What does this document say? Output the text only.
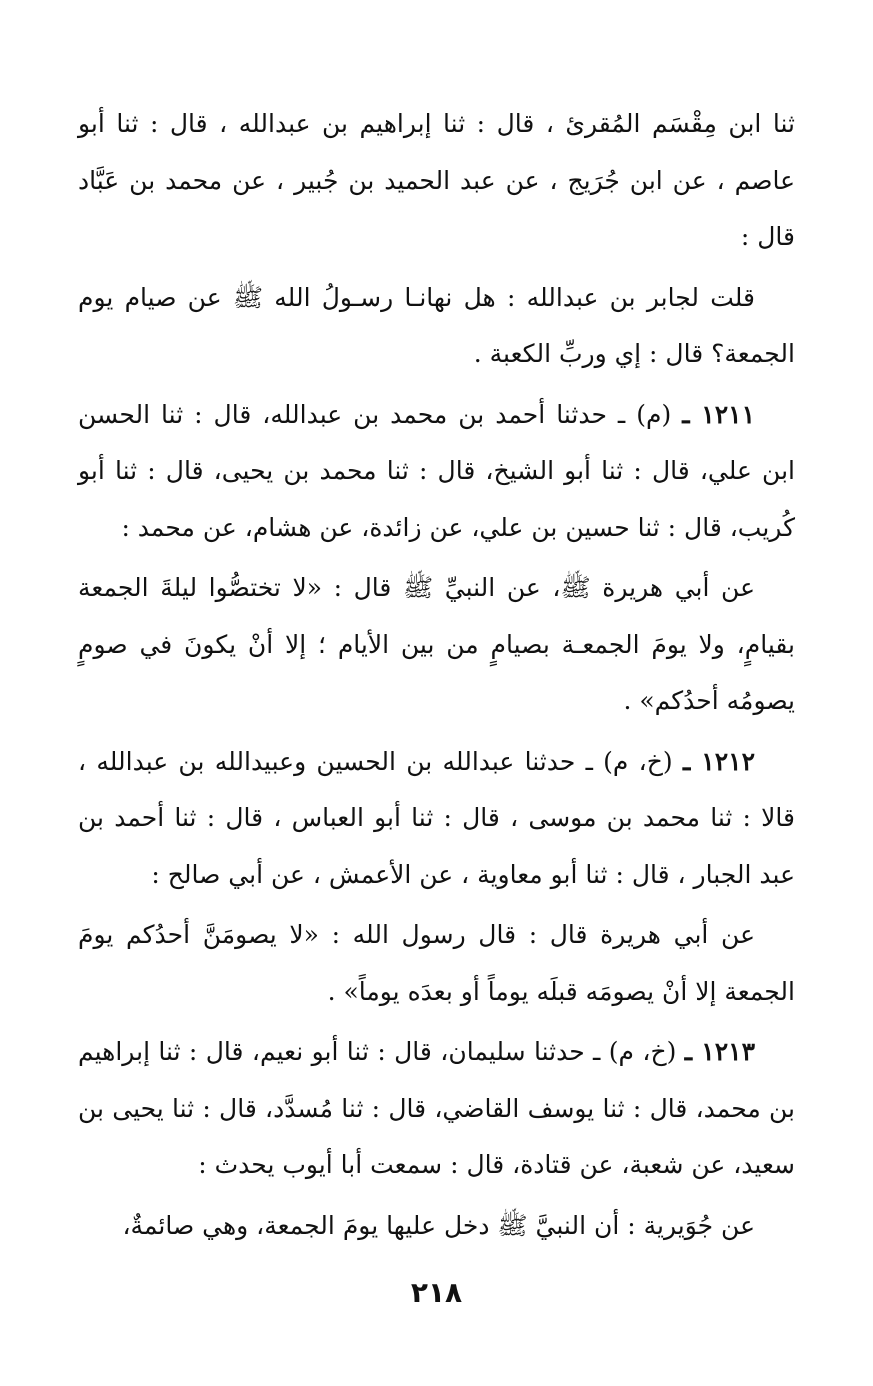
ثنا ابن مِقْسَم المُقرئ ، قال : ثنا إبراهيم بن عبدالله ، قال : ثنا أبو عاصم ، عن ابن جُرَيج ، عن عبد الحميد بن جُبير ، عن محمد بن عَبَّاد قال :

قلت لجابر بن عبدالله : هل نهانـا رسـولُ الله ﷺ عن صيام يوم الجمعة؟ قال : إي وربِّ الكعبة .

١٢١١ ـ (م) ـ حدثنا أحمد بن محمد بن عبدالله، قال : ثنا الحسن ابن علي، قال : ثنا أبو الشيخ، قال : ثنا محمد بن يحيى، قال : ثنا أبو كُريب، قال : ثنا حسين بن علي، عن زائدة، عن هشام، عن محمد :

عن أبي هريرة ﷺ، عن النبيِّ ﷺ قال : «لا تختصُّوا ليلةَ الجمعة بقيامٍ، ولا يومَ الجمعـة بصيامٍ من بين الأيام ؛ إلا أنْ يكونَ في صومٍ يصومُه أحدُكم» .

١٢١٢ ـ (خ، م) ـ حدثنا عبدالله بن الحسين وعبيدالله بن عبدالله ، قالا : ثنا محمد بن موسى ، قال : ثنا أبو العباس ، قال : ثنا أحمد بن عبد الجبار ، قال : ثنا أبو معاوية ، عن الأعمش ، عن أبي صالح :

عن أبي هريرة قال : قال رسول الله : «لا يصومَنَّ أحدُكم يومَ الجمعة إلا أنْ يصومَه قبلَه يوماً أو بعدَه يوماً» .

١٢١٣ ـ (خ، م) ـ حدثنا سليمان، قال : ثنا أبو نعيم، قال : ثنا إبراهيم بن محمد، قال : ثنا يوسف القاضي، قال : ثنا مُسدَّد، قال : ثنا يحيى بن سعيد، عن شعبة، عن قتادة، قال : سمعت أبا أيوب يحدث :

عن جُوَيرية : أن النبيَّ ﷺ دخل عليها يومَ الجمعة، وهي صائمةٌ،

٢١٨
